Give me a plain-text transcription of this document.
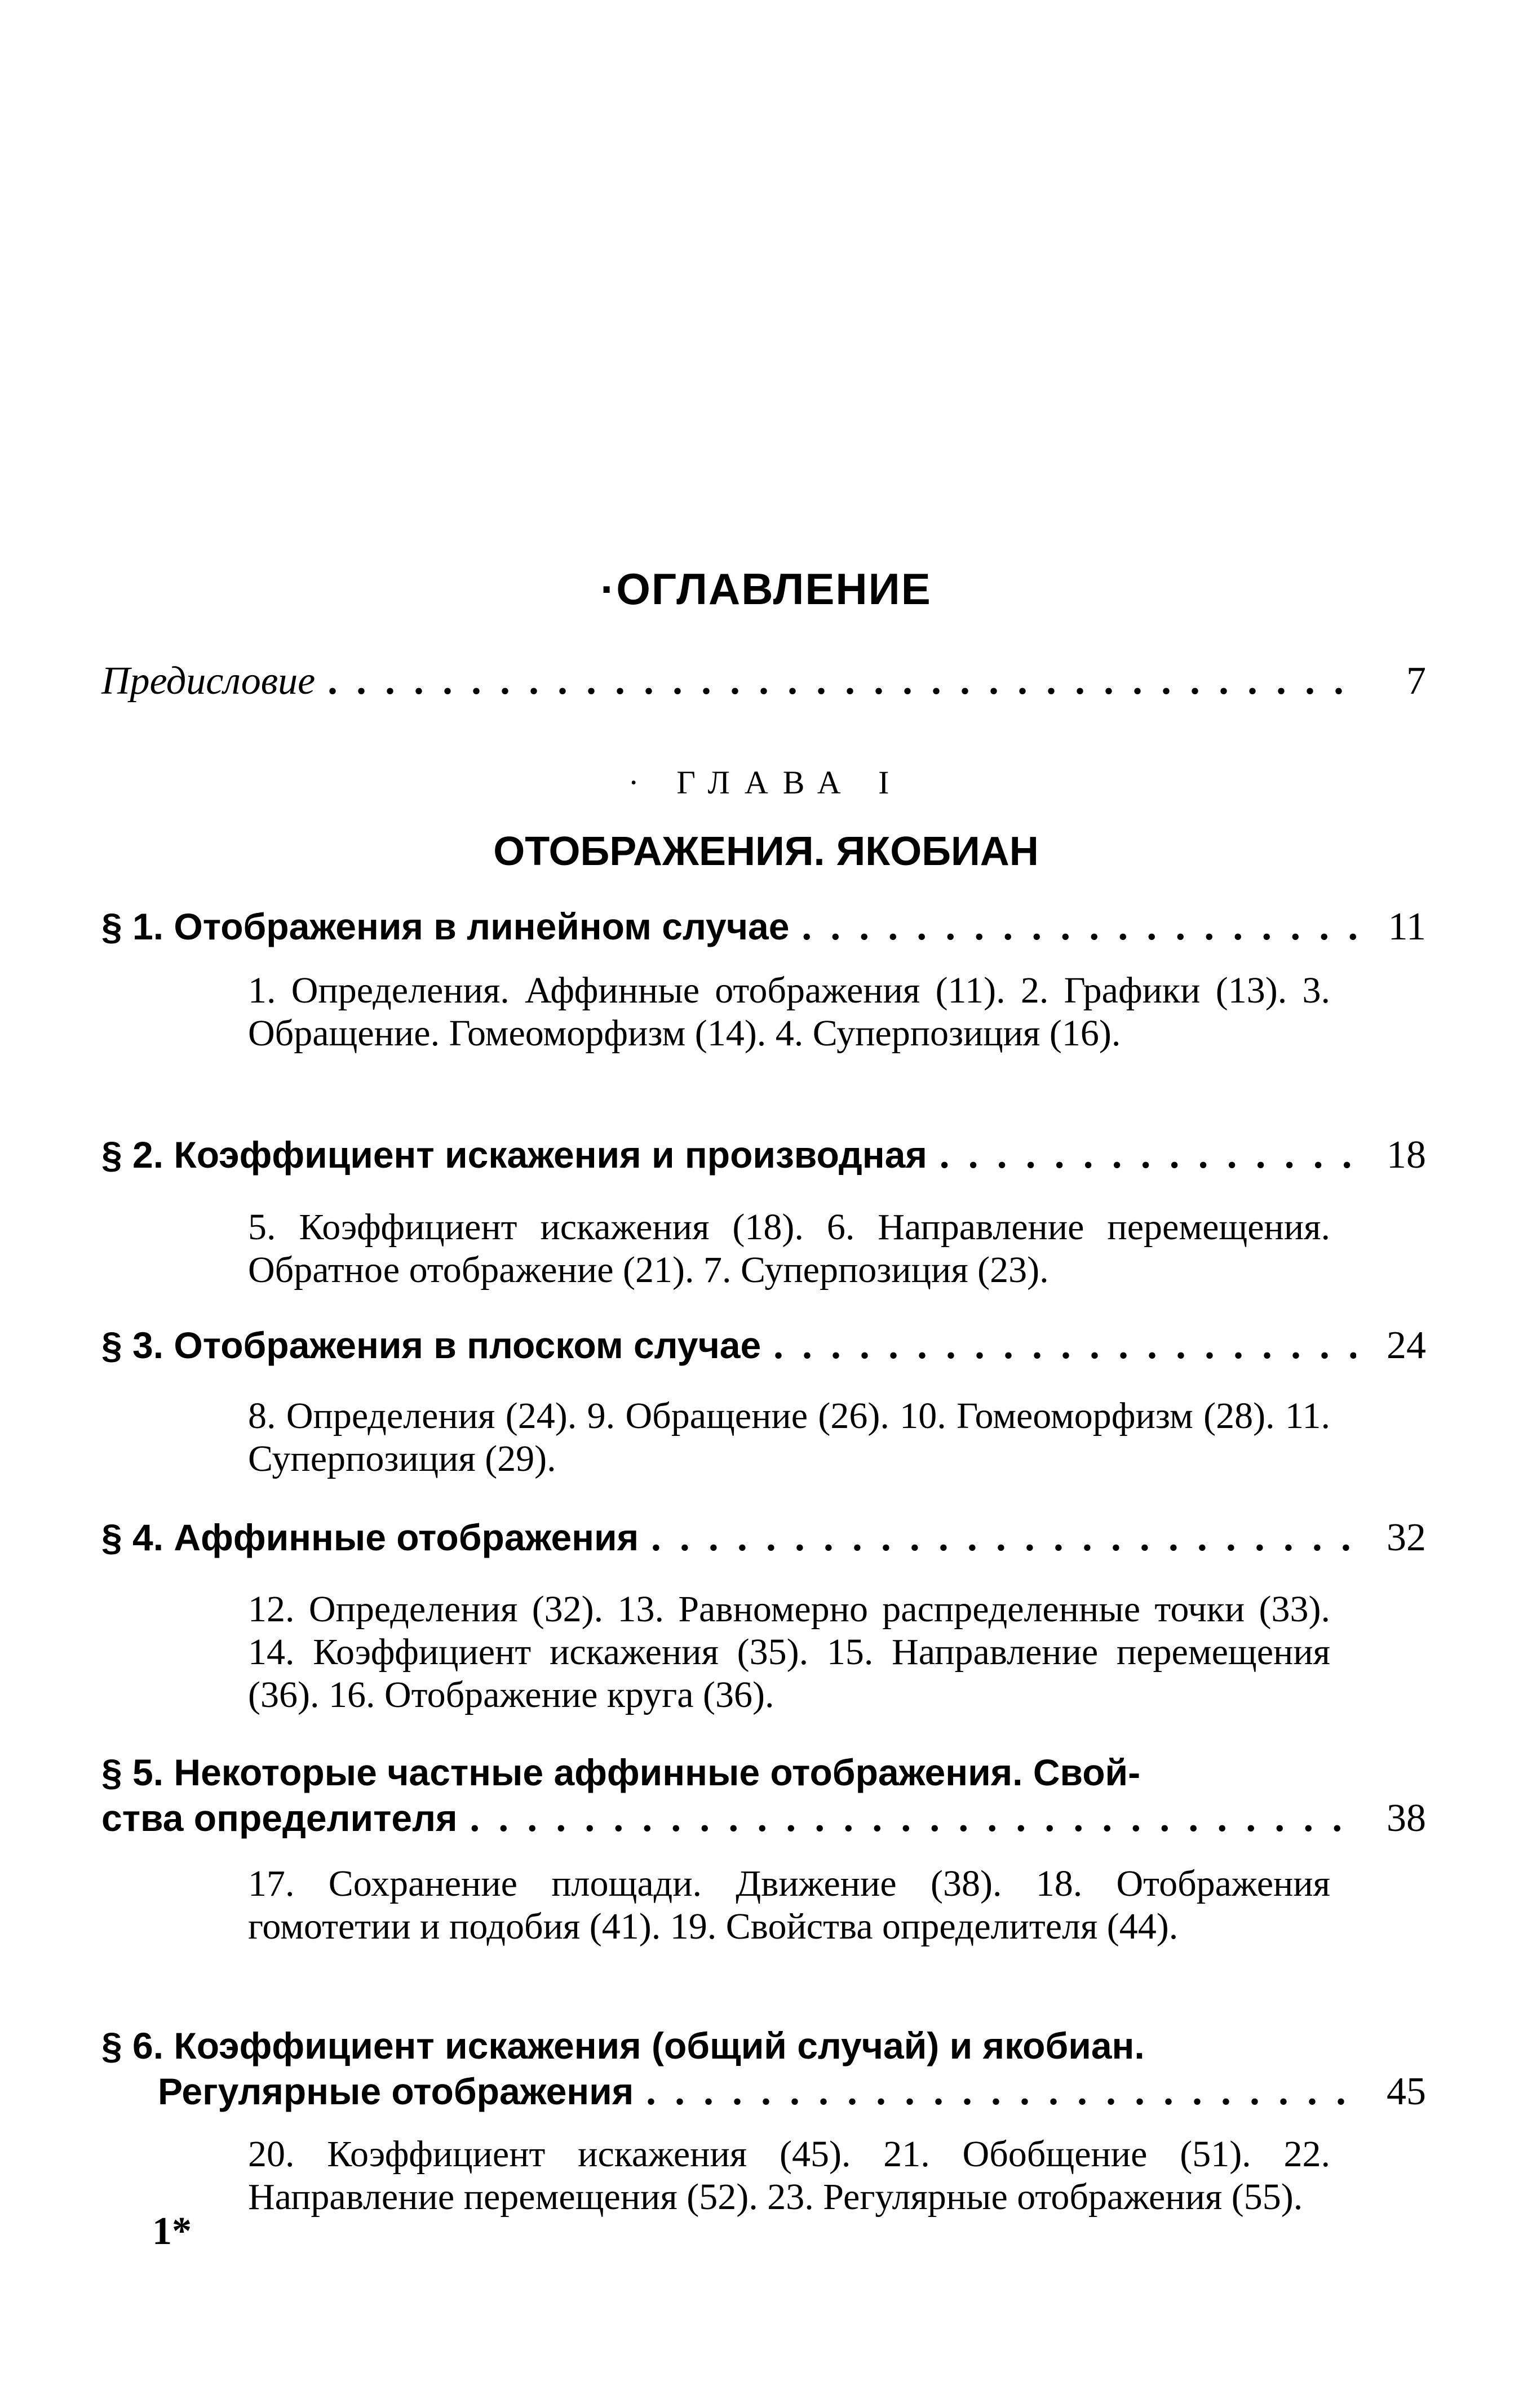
·ОГЛАВЛЕНИЕ
Предисловие . . .	7
· ГЛАВА I
ОТОБРАЖЕНИЯ. ЯКОБИАН
§ 1. Отображения в линейном случае . . .	11
1. Определения. Аффинные отображения (11). 2. Графики (13). 3. Обращение. Гомеоморфизм (14). 4. Суперпозиция (16).
§ 2. Коэффициент искажения и производная . . .	18
5. Коэффициент искажения (18). 6. Направление перемещения. Обратное отображение (21). 7. Суперпозиция (23).
§ 3. Отображения в плоском случае . . .	24
8. Определения (24). 9. Обращение (26). 10. Гомеоморфизм (28). 11. Суперпозиция (29).
§ 4. Аффинные отображения . . .	32
12. Определения (32). 13. Равномерно распределенные точки (33). 14. Коэффициент искажения (35). 15. Направление перемещения (36). 16. Отображение круга (36).
§ 5. Некоторые частные аффинные отображения. Свой-
ства определителя . . .	38
17. Сохранение площади. Движение (38). 18. Отображения гомотетии и подобия (41). 19. Свойства определителя (44).
§ 6. Коэффициент искажения (общий случай) и якобиан.
Регулярные отображения . . .	45
20. Коэффициент искажения (45). 21. Обобщение (51). 22. Направление перемещения (52). 23. Регулярные отображения (55).
1*
